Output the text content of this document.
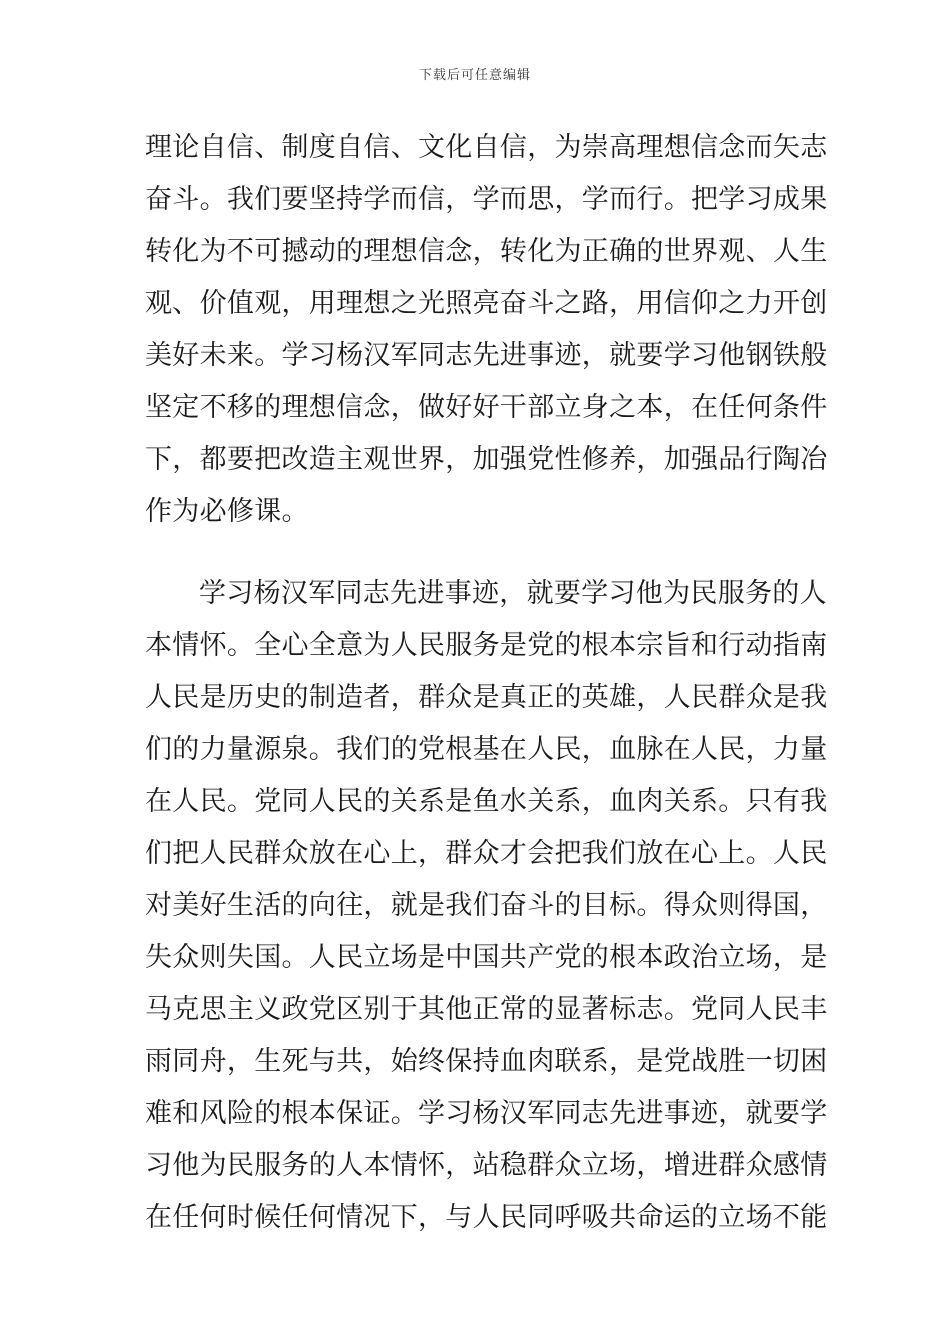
下载后可任意编辑
理论自信、制度自信、文化自信，为崇高理想信念而矢志
奋斗。我们要坚持学而信，学而思，学而行。把学习成果
转化为不可撼动的理想信念，转化为正确的世界观、人生
观、价值观，用理想之光照亮奋斗之路，用信仰之力开创
美好未来。学习杨汉军同志先进事迹，就要学习他钢铁般
坚定不移的理想信念，做好好干部立身之本，在任何条件
下，都要把改造主观世界，加强党性修养，加强品行陶冶
作为必修课。
学习杨汉军同志先进事迹，就要学习他为民服务的人
本情怀。全心全意为人民服务是党的根本宗旨和行动指南
人民是历史的制造者，群众是真正的英雄，人民群众是我
们的力量源泉。我们的党根基在人民，血脉在人民，力量
在人民。党同人民的关系是鱼水关系，血肉关系。只有我
们把人民群众放在心上，群众才会把我们放在心上。人民
对美好生活的向往，就是我们奋斗的目标。得众则得国，
失众则失国。人民立场是中国共产党的根本政治立场，是
马克思主义政党区别于其他正常的显著标志。党同人民丰
雨同舟，生死与共，始终保持血肉联系，是党战胜一切困
难和风险的根本保证。学习杨汉军同志先进事迹，就要学
习他为民服务的人本情怀，站稳群众立场，增进群众感情
在任何时候任何情况下，与人民同呼吸共命运的立场不能
